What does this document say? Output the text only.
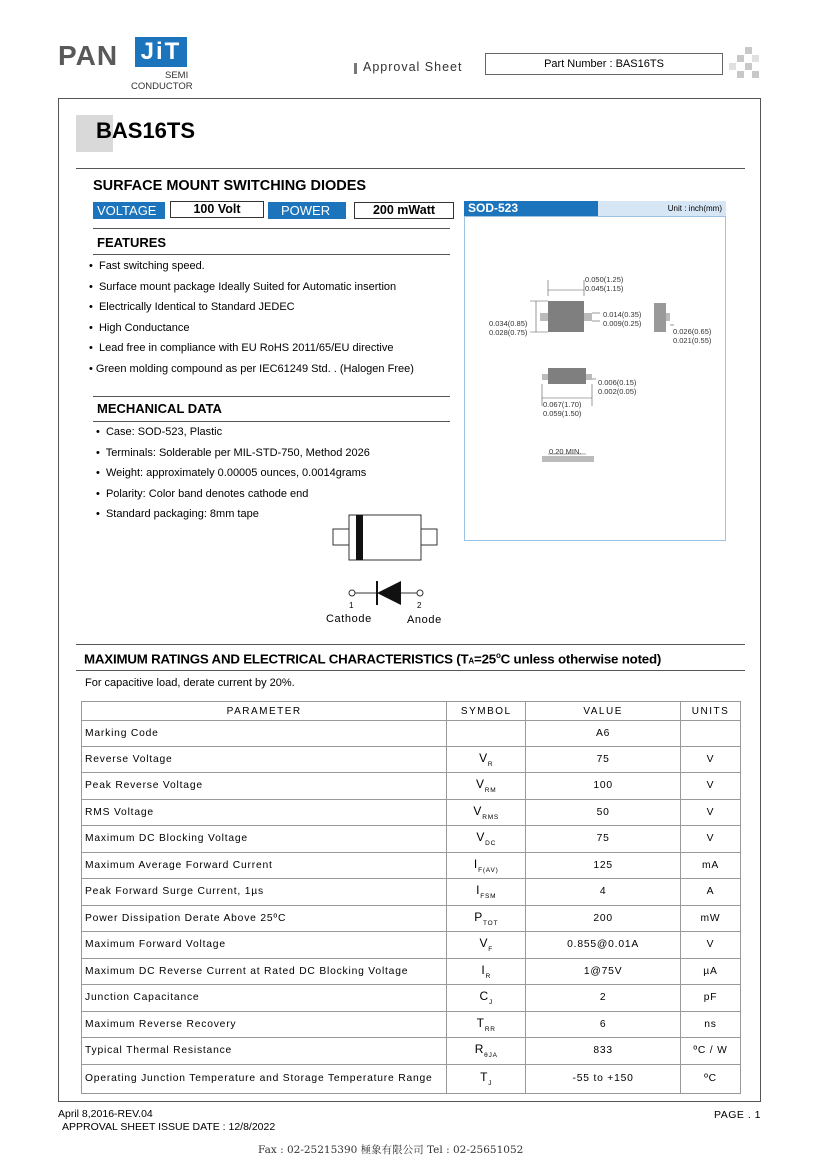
PAN JiT
SEMI
CONDUCTOR
Approval Sheet	Part Number : BAS16TS
BAS16TS
SURFACE MOUNT SWITCHING DIODES
VOLTAGE	100 Volt	POWER	200 mWatt
FEATURES
•  Fast switching speed.
•  Surface mount package Ideally Suited for Automatic insertion
•  Electrically Identical to Standard JEDEC
•  High Conductance
•  Lead free in compliance with EU RoHS 2011/65/EU directive
• Green molding compound as per IEC61249 Std. . (Halogen Free)
MECHANICAL DATA
•  Case: SOD-523, Plastic
•  Terminals: Solderable per MIL-STD-750, Method 2026
•  Weight: approximately 0.00005 ounces, 0.0014grams
•  Polarity: Color band denotes cathode end
•  Standard packaging: 8mm tape
1	2
Cathode	Anode
SOD-523	Unit : inch(mm)
0.050(1.25)
0.045(1.15)
0.014(0.35)
0.009(0.25)
0.034(0.85)
0.028(0.75)	0.026(0.65)
0.021(0.55)
0.006(0.15)
0.002(0.05)
0.067(1.70)
0.059(1.50)
0.20 MIN.
MAXIMUM RATINGS AND ELECTRICAL CHARACTERISTICS ($TA=25^oC$ unless otherwise noted)
For capacitive load, derate current by 20%.
PARAMETER	SYMBOL	VALUE	UNITS
Marking Code		A6	
Reverse Voltage	$V_R$	75	V
Peak Reverse Voltage	$V_{RM}$	100	V
RMS Voltage	$V_{RMS}$	50	V
Maximum DC Blocking Voltage	$V_{DC}$	75	V
Maximum Average Forward Current	$I_{F(AV)}$	125	mA
Peak Forward Surge Current, 1µs	$I_{FSM}$	4	A
Power Dissipation Derate Above 25ºC	$P_{TOT}$	200	mW
Maximum Forward Voltage	$V_F$	0.855@0.01A	V
Maximum DC Reverse Current at Rated DC Blocking Voltage	$I_R$	1@75V	µA
Junction Capacitance	$C_J$	2	pF
Maximum Reverse Recovery	$T_{RR}$	6	ns
Typical Thermal Resistance	$R_{\theta JA}$	833	ºC / W
Operating Junction Temperature and Storage Temperature Range	$T_J$	-55 to +150	ºC
April 8,2016-REV.04
APPROVAL SHEET ISSUE DATE : 12/8/2022
PAGE . 1
Fax : 02-25215390 極象有限公司 Tel : 02-25651052
